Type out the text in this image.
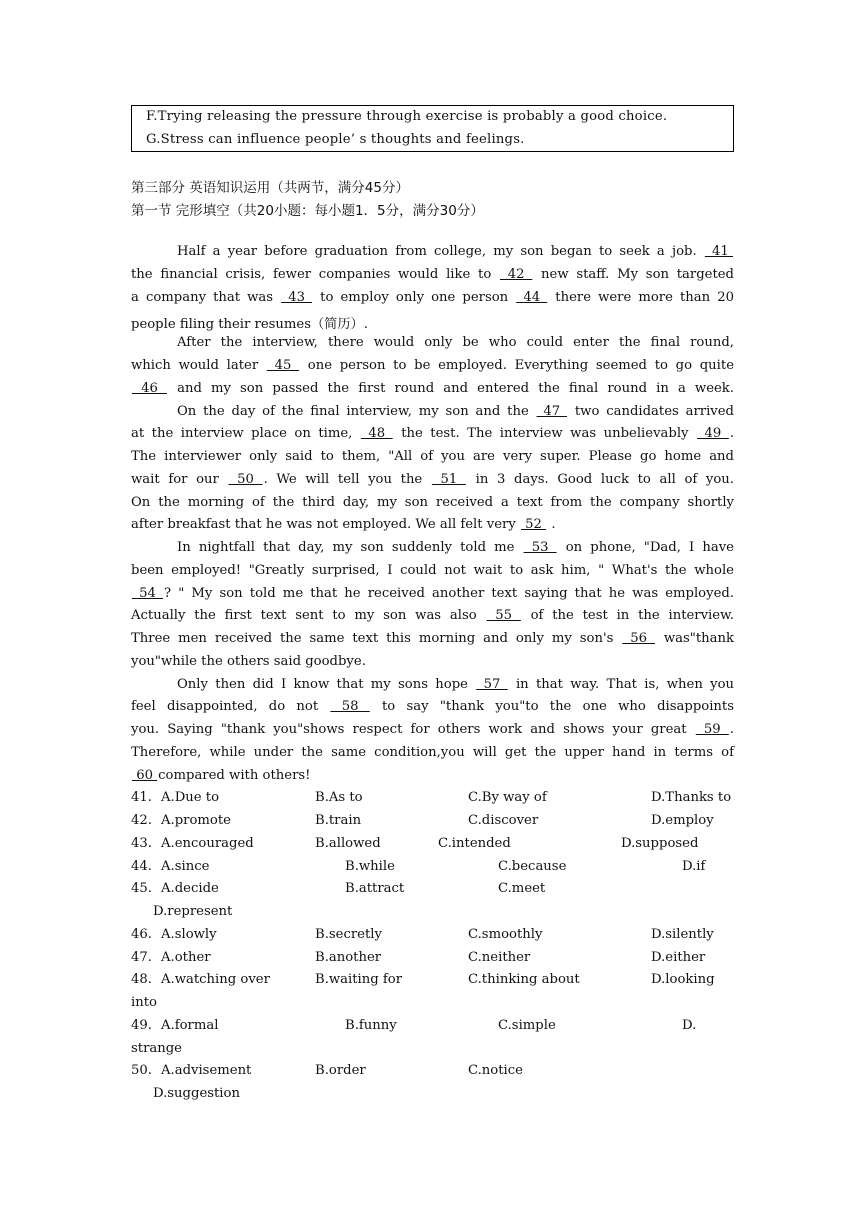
F.Trying releasing the pressure through exercise is probably a good choice.
G.Stress can influence people’ s thoughts and feelings.
第三部分 英语知识运用（共两节，满分45分）
第一节 完形填空（共20小题：每小题1．5分，满分30分）
Half a year before graduation from college, my son began to seek a job.  41
the financial crisis, fewer companies would like to  42  new staff. My son targeted
a company that was  43  to employ only one person  44  there were more than 20
people filing their resumes（简历）.
After the interview, there would only be who could enter the final round,
which would later  45  one person to be employed. Everything seemed to go quite
46  and my son passed the first round and entered the final round in a week.
On the day of the final interview, my son and the  47  two candidates arrived
at the interview place on time,  48  the test. The interview was unbelievably  49 .
The interviewer only said to them, "All of you are very super. Please go home and
wait for our  50 . We will tell you the  51  in 3 days. Good luck to all of you.
On the morning of the third day, my son received a text from the company shortly
after breakfast that he was not employed. We all felt very  52  .
In nightfall that day, my son suddenly told me  53  on phone, "Dad, I have
been employed! "Greatly surprised, I could not wait to ask him, " What's the whole
54 ? " My son told me that he received another text saying that he was employed.
Actually the first text sent to my son was also  55  of the test in the interview.
Three men received the same text this morning and only my son's  56  was"thank
you"while the others said goodbye.
Only then did I know that my sons hope  57  in that way. That is, when you
feel disappointed, do not  58  to say "thank you"to the one who disappoints
you. Saying "thank you"shows respect for others work and shows your great  59 .
Therefore, while under the same condition,you will get the upper hand in terms of
60 compared with others!
41. A.Due to	B.As to	C.By way of	D.Thanks to
42. A.promote	B.train	C.discover	D.employ
43. A.encouraged	B.allowed	C.intended	D.supposed
44. A.since	B.while	C.because	D.if
45. A.decide	B.attract	C.meet
D.represent
46. A.slowly	B.secretly	C.smoothly	D.silently
47. A.other	B.another	C.neither	D.either
48. A.watching over	B.waiting for	C.thinking about	D.looking
into
49. A.formal	B.funny	C.simple	D.
strange
50. A.advisement	B.order	C.notice
D.suggestion
